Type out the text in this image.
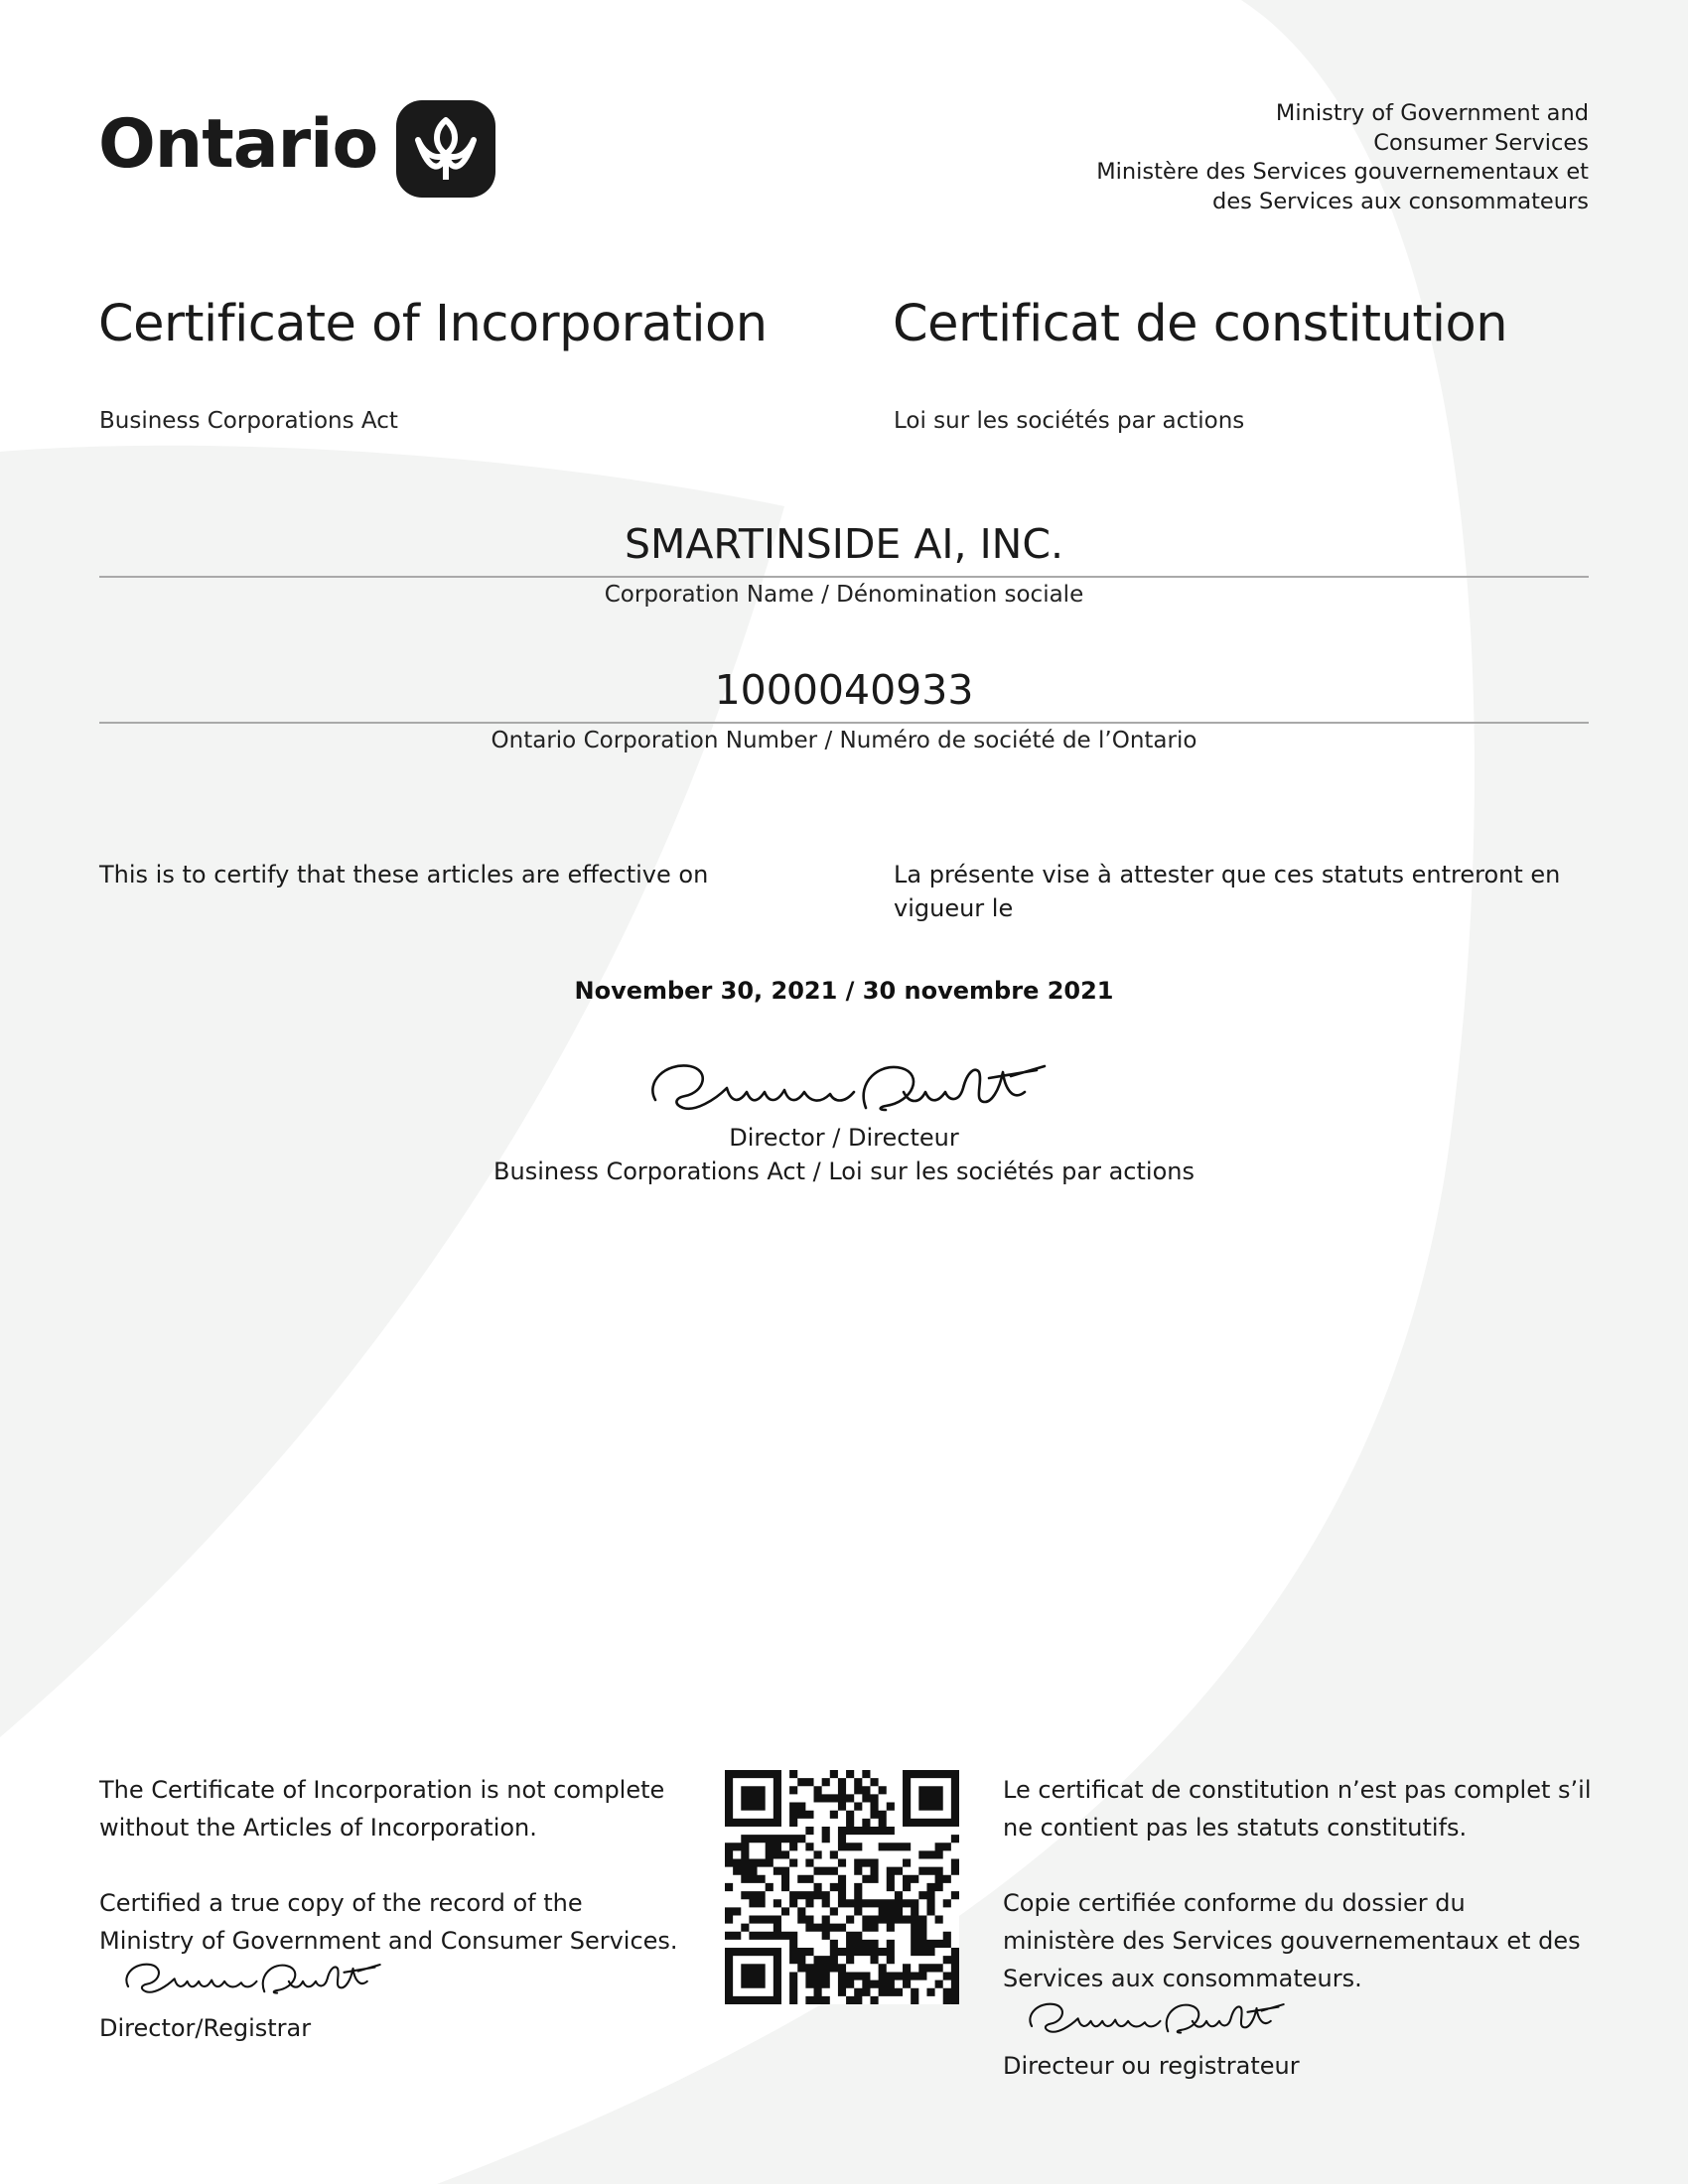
Ontario	Ministry of Government and
Consumer Services
Ministère des Services gouvernementaux et
des Services aux consommateurs
Certificate of Incorporation Certificat de constitution
Business Corporations Act	Loi sur les sociétés par actions
SMARTINSIDE AI, INC.
Corporation Name / Dénomination sociale
1000040933
Ontario Corporation Number / Numéro de société de l’Ontario
This is to certify that these articles are effective on	La présente vise à attester que ces statuts entreront en
vigueur le
November 30, 2021 / 30 novembre 2021
Director / Directeur
Business Corporations Act / Loi sur les sociétés par actions
The Certificate of Incorporation is not complete
without the Articles of Incorporation.
Certified a true copy of the record of the
Ministry of Government and Consumer Services.
Director/Registrar
Le certificat de constitution n’est pas complet s’il
ne contient pas les statuts constitutifs.
Copie certifiée conforme du dossier du
ministère des Services gouvernementaux et des
Services aux consommateurs.
Directeur ou registrateur
